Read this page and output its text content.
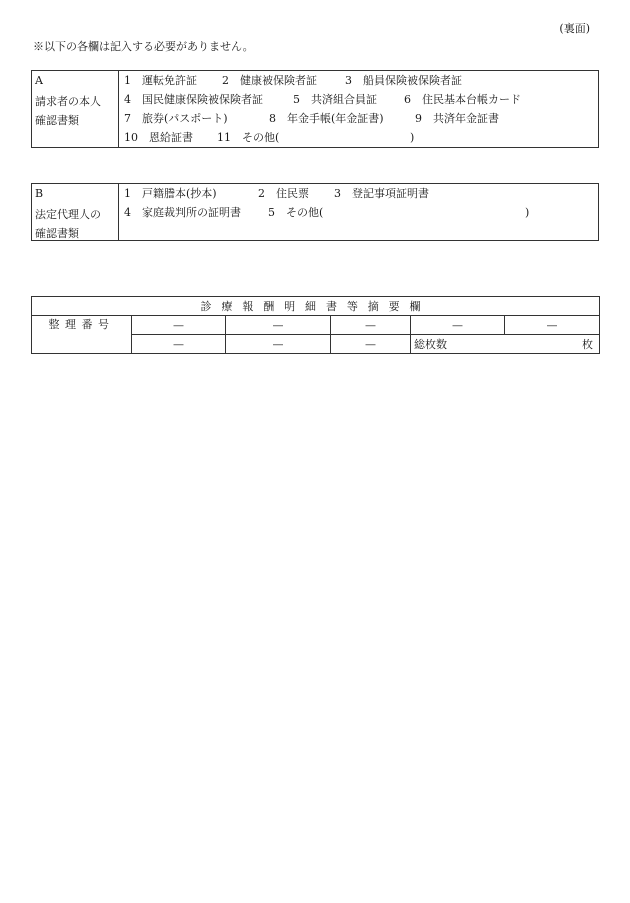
(裏面)
※以下の各欄は記入する必要がありません。
A
請求者の本人
確認書類
1　運転免許証 2　健康被保険者証	3　船員保険被保険者証
4　国民健康保険被保険者証	5　共済組合員証 6　住民基本台帳カード
7　旅券(パスポート)	8　年金手帳(年金証書)	9　共済年金証書
10　恩給証書 11　その他(	)
B
法定代理人の
確認書類
1　戸籍謄本(抄本)	2　住民票 3　登記事項証明書
4　家庭裁判所の証明書 5　その他(	)
診療報酬明細書等摘要欄					
整理番号	—	—	—	—	—
	—	—	—	総枚数 枚	
